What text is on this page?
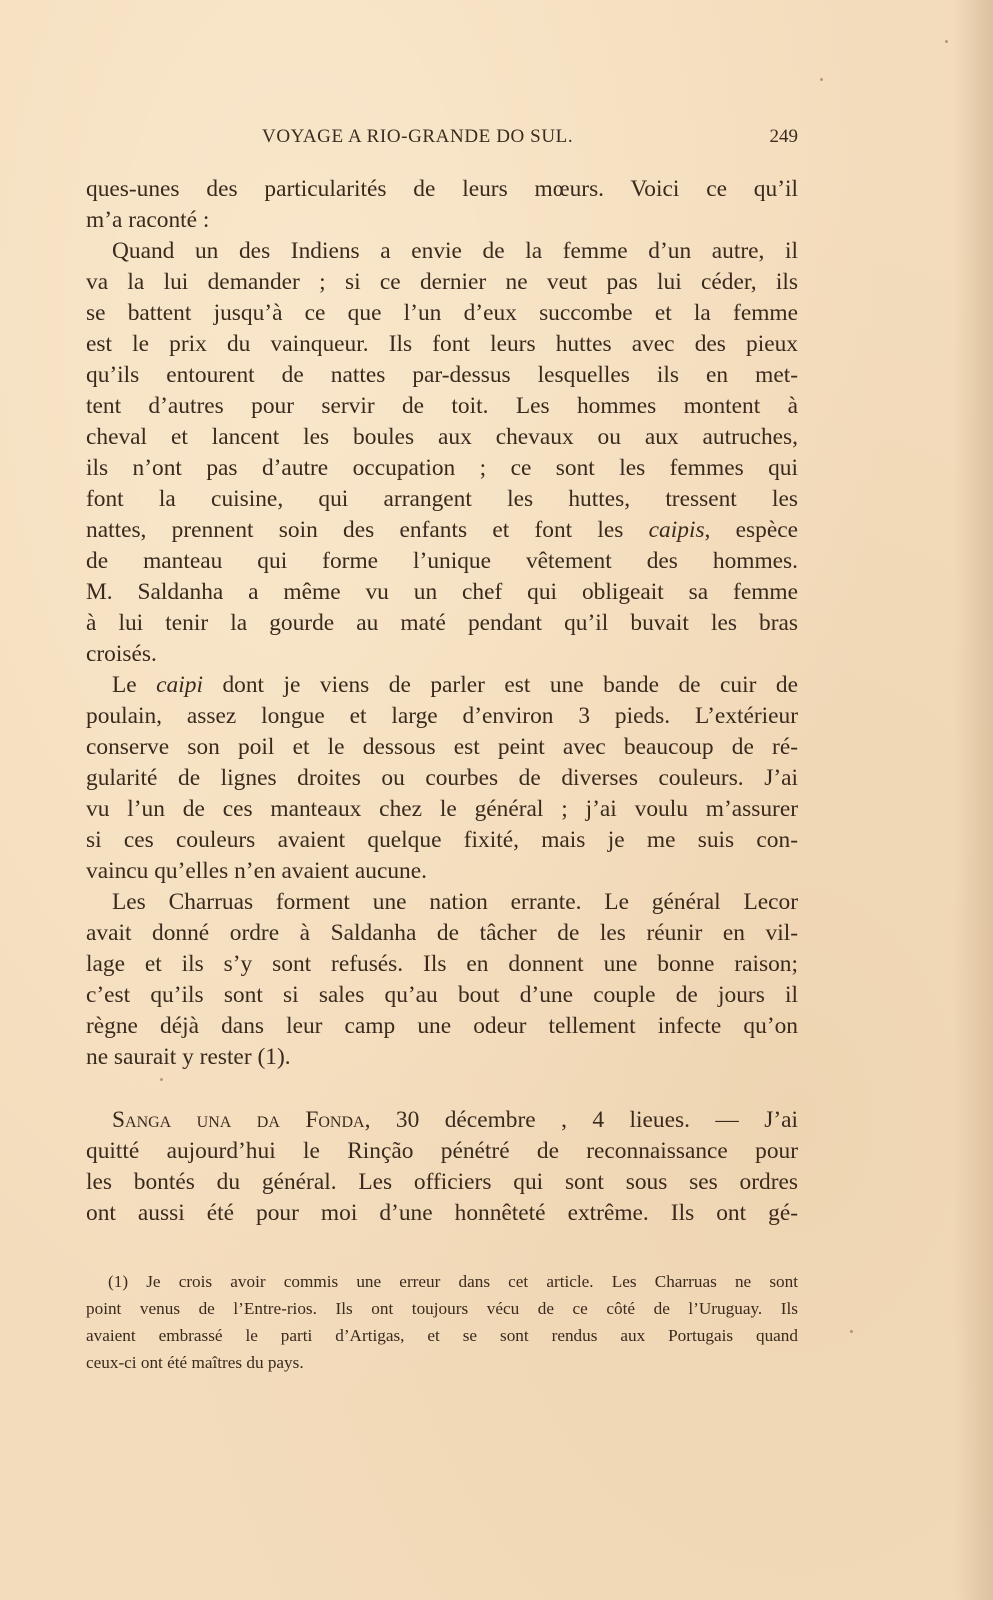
VOYAGE A RIO-GRANDE DO SUL.	249
ques-unes des particularités de leurs mœurs. Voici ce qu’il
m’a raconté :
Quand un des Indiens a envie de la femme d’un autre, il
va la lui demander ; si ce dernier ne veut pas lui céder, ils
se battent jusqu’à ce que l’un d’eux succombe et la femme
est le prix du vainqueur. Ils font leurs huttes avec des pieux
qu’ils entourent de nattes par-dessus lesquelles ils en met-
tent d’autres pour servir de toit. Les hommes montent à
cheval et lancent les boules aux chevaux ou aux autruches,
ils n’ont pas d’autre occupation ; ce sont les femmes qui
font la cuisine, qui arrangent les huttes, tressent les
nattes, prennent soin des enfants et font les caipis, espèce
de manteau qui forme l’unique vêtement des hommes.
M. Saldanha a même vu un chef qui obligeait sa femme
à lui tenir la gourde au maté pendant qu’il buvait les bras
croisés.
Le caipi dont je viens de parler est une bande de cuir de
poulain, assez longue et large d’environ 3 pieds. L’extérieur
conserve son poil et le dessous est peint avec beaucoup de ré-
gularité de lignes droites ou courbes de diverses couleurs. J’ai
vu l’un de ces manteaux chez le général ; j’ai voulu m’assurer
si ces couleurs avaient quelque fixité, mais je me suis con-
vaincu qu’elles n’en avaient aucune.
Les Charruas forment une nation errante. Le général Lecor
avait donné ordre à Saldanha de tâcher de les réunir en vil-
lage et ils s’y sont refusés. Ils en donnent une bonne raison;
c’est qu’ils sont si sales qu’au bout d’une couple de jours il
règne déjà dans leur camp une odeur tellement infecte qu’on
ne saurait y rester (1).
Sanga una da Fonda, 30 décembre , 4 lieues. — J’ai
quitté aujourd’hui le Rinção pénétré de reconnaissance pour
les bontés du général. Les officiers qui sont sous ses ordres
ont aussi été pour moi d’une honnêteté extrême. Ils ont gé-
(1) Je crois avoir commis une erreur dans cet article. Les Charruas ne sont
point venus de l’Entre-rios. Ils ont toujours vécu de ce côté de l’Uruguay. Ils
avaient embrassé le parti d’Artigas, et se sont rendus aux Portugais quand
ceux-ci ont été maîtres du pays.
